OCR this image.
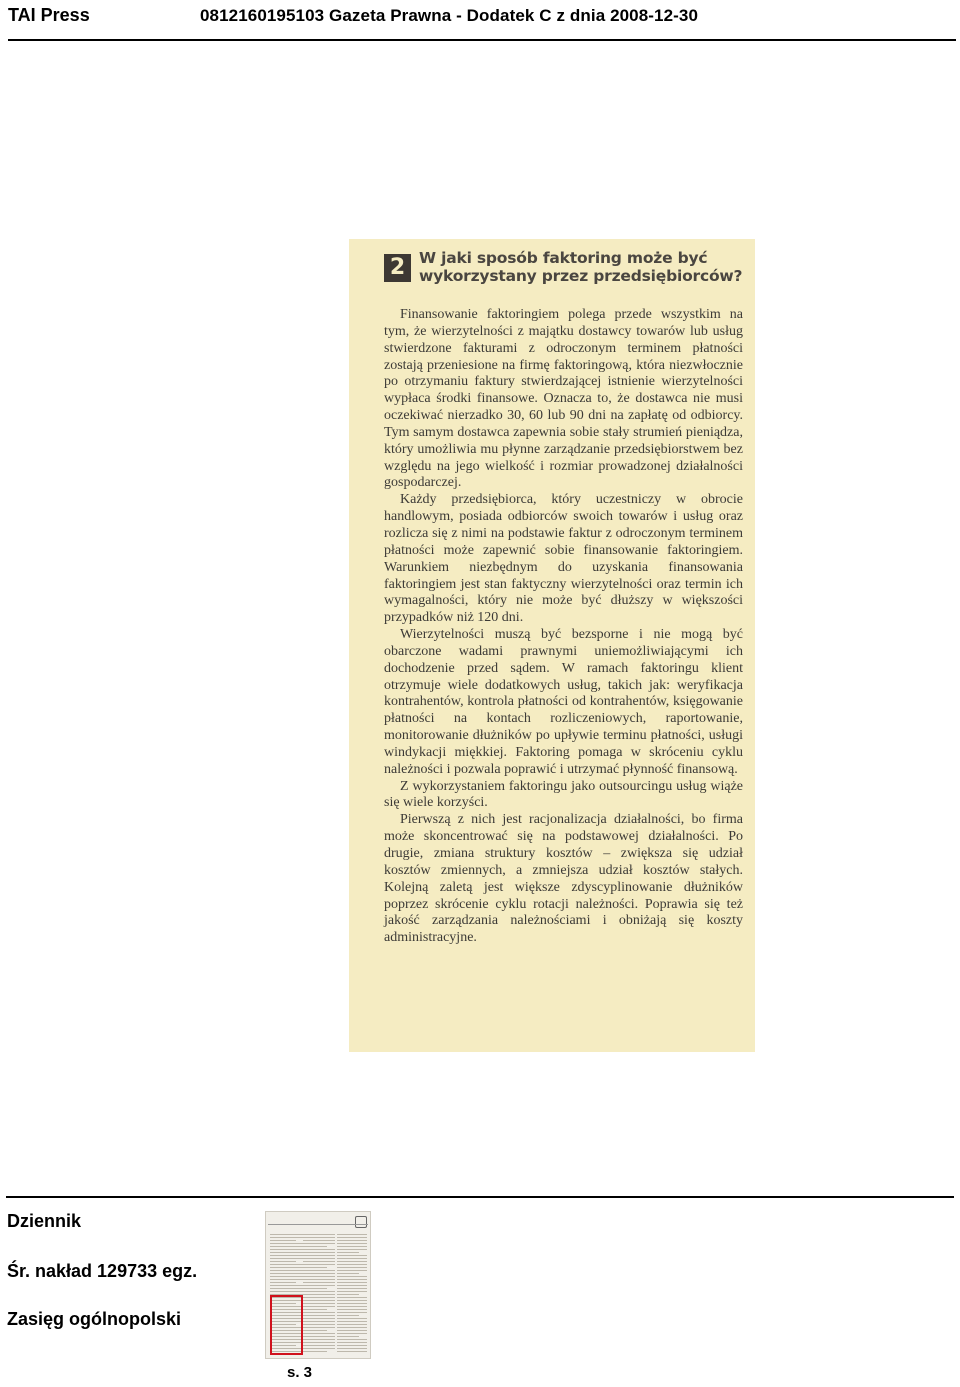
TAI Press	0812160195103 Gazeta Prawna - Dodatek C z dnia 2008-12-30
2 W jaki sposób faktoring może być
wykorzystany przez przedsiębiorców?

Finansowanie faktoringiem polega przede wszystkim na tym, że wierzytelności z majątku dostawcy towarów lub usług stwierdzone fakturami z odroczonym terminem płatności zostają przeniesione na firmę faktoringową, która niezwłocznie po otrzymaniu faktury stwierdzającej istnienie wierzytelności wypłaca środki finansowe. Oznacza to, że dostawca nie musi oczekiwać nierzadko 30, 60 lub 90 dni na zapłatę od odbiorcy. Tym samym dostawca zapewnia sobie stały strumień pieniądza, który umożliwia mu płynne zarządzanie przedsiębiorstwem bez względu na jego wielkość i rozmiar prowadzonej działalności gospodarczej.

Każdy przedsiębiorca, który uczestniczy w obrocie handlowym, posiada odbiorców swoich towarów i usług oraz rozlicza się z nimi na podstawie faktur z odroczonym terminem płatności może zapewnić sobie finansowanie faktoringiem. Warunkiem niezbędnym do uzyskania finansowania faktoringiem jest stan faktyczny wierzytelności oraz termin ich wymagalności, który nie może być dłuższy w większości przypadków niż 120 dni.

Wierzytelności muszą być bezsporne i nie mogą być obarczone wadami prawnymi uniemożliwiającymi ich dochodzenie przed sądem. W ramach faktoringu klient otrzymuje wiele dodatkowych usług, takich jak: weryfikacja kontrahentów, kontrola płatności od kontrahentów, księgowanie płatności na kontach rozliczeniowych, raportowanie, monitorowanie dłużników po upływie terminu płatności, usługi windykacji miękkiej. Faktoring pomaga w skróceniu cyklu należności i pozwala poprawić i utrzymać płynność finansową.

Z wykorzystaniem faktoringu jako outsourcingu usług wiąże się wiele korzyści.

Pierwszą z nich jest racjonalizacja działalności, bo firma może skoncentrować się na podstawowej działalności. Po drugie, zmiana struktury kosztów – zwiększa się udział kosztów zmiennych, a zmniejsza udział kosztów stałych. Kolejną zaletą jest większe zdyscyplinowanie dłużników poprzez skrócenie cyklu rotacji należności. Poprawia się też jakość zarządzania należnościami i obniżają się koszty administracyjne.

Dziennik
Śr. nakład 129733 egz.
Zasięg ogólnopolski
s. 3
